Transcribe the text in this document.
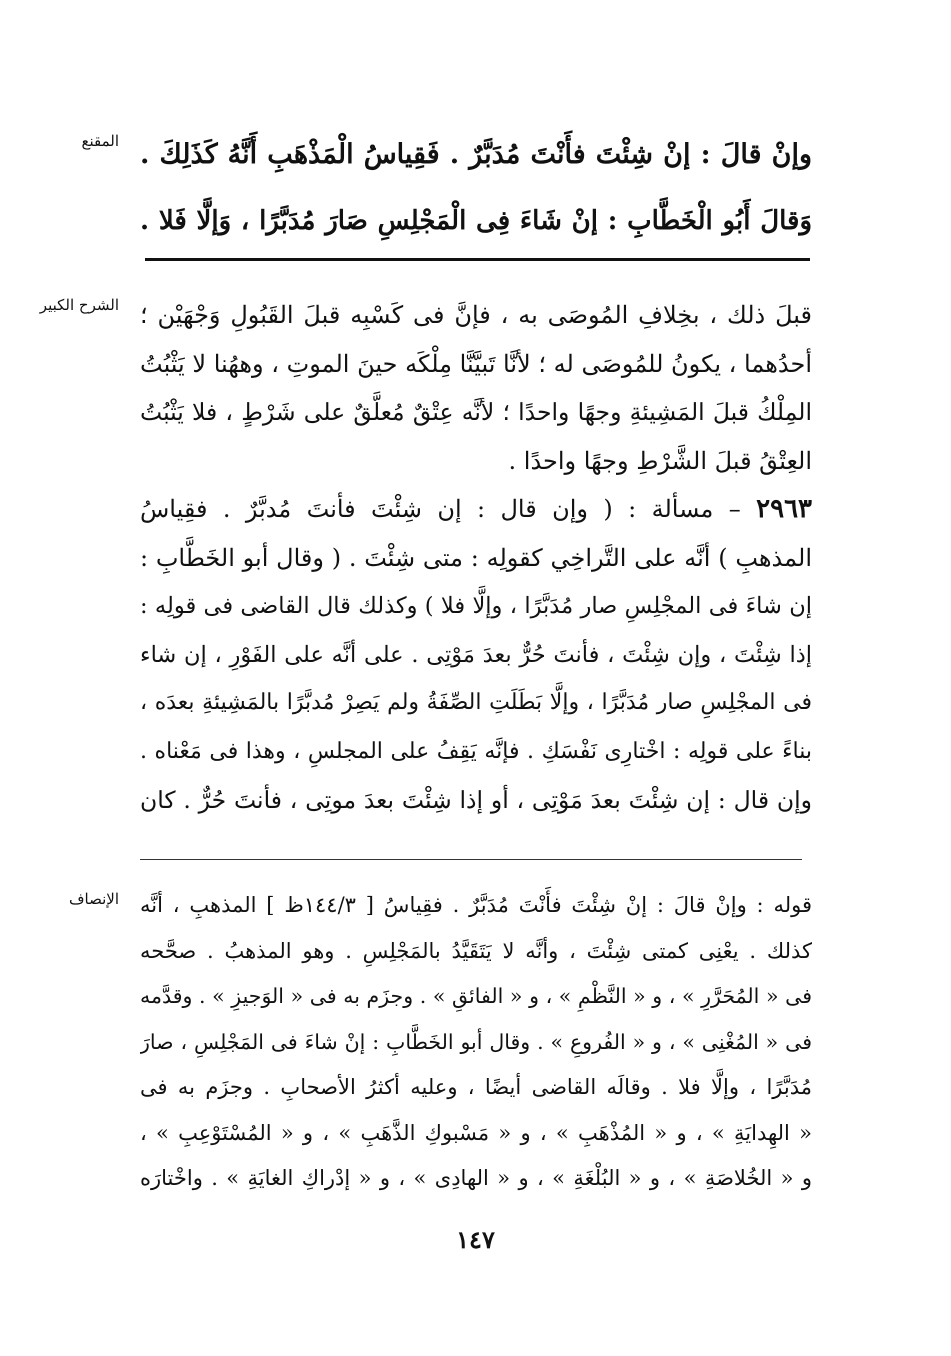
المقنع وإنْ قالَ : إنْ شِئْتَ فأَنْتَ مُدَبَّرٌ . فَقِياسُ الْمَذْهَبِ أَنَّهُ كَذَلِكَ .
وَقالَ أَبُو الْخَطَّابِ : إنْ شَاءَ فِى الْمَجْلِسِ صَارَ مُدَبَّرًا ، وَإلَّا فَلا .
الشرح الكبير قبلَ ذلك ، بخِلافِ المُوصَى به ، فإنَّ فى كَسْبِه قبلَ القَبُولِ وَجْهَيْن ؛
أحدُهما ، يكونُ للمُوصَى له ؛ لأنَّا تَبيَّنَّا مِلْكَه حينَ الموتِ ، وههُنا لا يَثْبُتُ
المِلْكُ قبلَ المَشِيئةِ وجهًا واحدًا ؛ لأنَّه عِتْقٌ مُعلَّقٌ على شَرْطٍ ، فلا يَثْبُتُ
العِتْقُ قبلَ الشَّرْطِ وجهًا واحدًا .
٢٩٦٣ – مسألة : ( وإن قال : إن شِئْتَ فأنتَ مُدبَّرٌ . فقِياسُ
المذهبِ ) أنَّه على التَّراخِي كقولِه : متى شِئْتَ . ( وقال أبو الخَطَّابِ :
إن شاءَ فى المجْلِسِ صار مُدَبَّرًا ، وإلَّا فلا ) وكذلك قال القاضى فى قولِه :
إذا شِئْتَ ، وإن شِئْتَ ، فأنتَ حُرٌّ بعدَ مَوْتِى . على أنَّه على الفَوْرِ ، إن شاء
فى المجْلِسِ صار مُدَبَّرًا ، وإلَّا بَطَلَتِ الصِّفَةُ ولم يَصِرْ مُدبَّرًا بالمَشِيئةِ بعدَه ،
بناءً على قولِه : اخْتارِى نَفْسَكِ . فإنَّه يَقِفُ على المجلسِ ، وهذا فى مَعْناه .
وإن قال : إن شِئْتَ بعدَ مَوْتِى ، أو إذا شِئْتَ بعدَ موتِى ، فأنتَ حُرٌّ . كان
الإنصاف قوله : وإنْ قالَ : إنْ شِئْتَ فأَنْتَ مُدَبَّرٌ . فقِياسُ [ ١٤٤/٣ظ ] المذهبِ ، أنَّه
كذلك . يعْنِى كمتى شِئْتَ ، وأنَّه لا يَتَقَيَّدُ بالمَجْلِسِ . وهو المذهبُ . صحَّحه
فى « المُحَرَّرِ » ، و « النَّظْمِ » ، و « الفائقِ » . وجزَم به فى « الوَجيزِ » . وقدَّمه
فى « المُغْنِى » ، و « الفُروعِ » . وقال أبو الخَطَّابِ : إنْ شاءَ فى المَجْلِسِ ، صارَ
مُدَبَّرًا ، وإلَّا فلا . وقالَه القاضى أيضًا ، وعليه أكثرُ الأصحابِ . وجزَم به فى
« الهِدايَةِ » ، و « المُذْهَبِ » ، و « مَسْبوكِ الذَّهَبِ » ، و « المُسْتَوْعِبِ » ،
و « الخُلاصَةِ » ، و « البُلْغَةِ » ، و « الهادِى » ، و « إدْراكِ الغايَةِ » . واخْتارَه
١٤٧
